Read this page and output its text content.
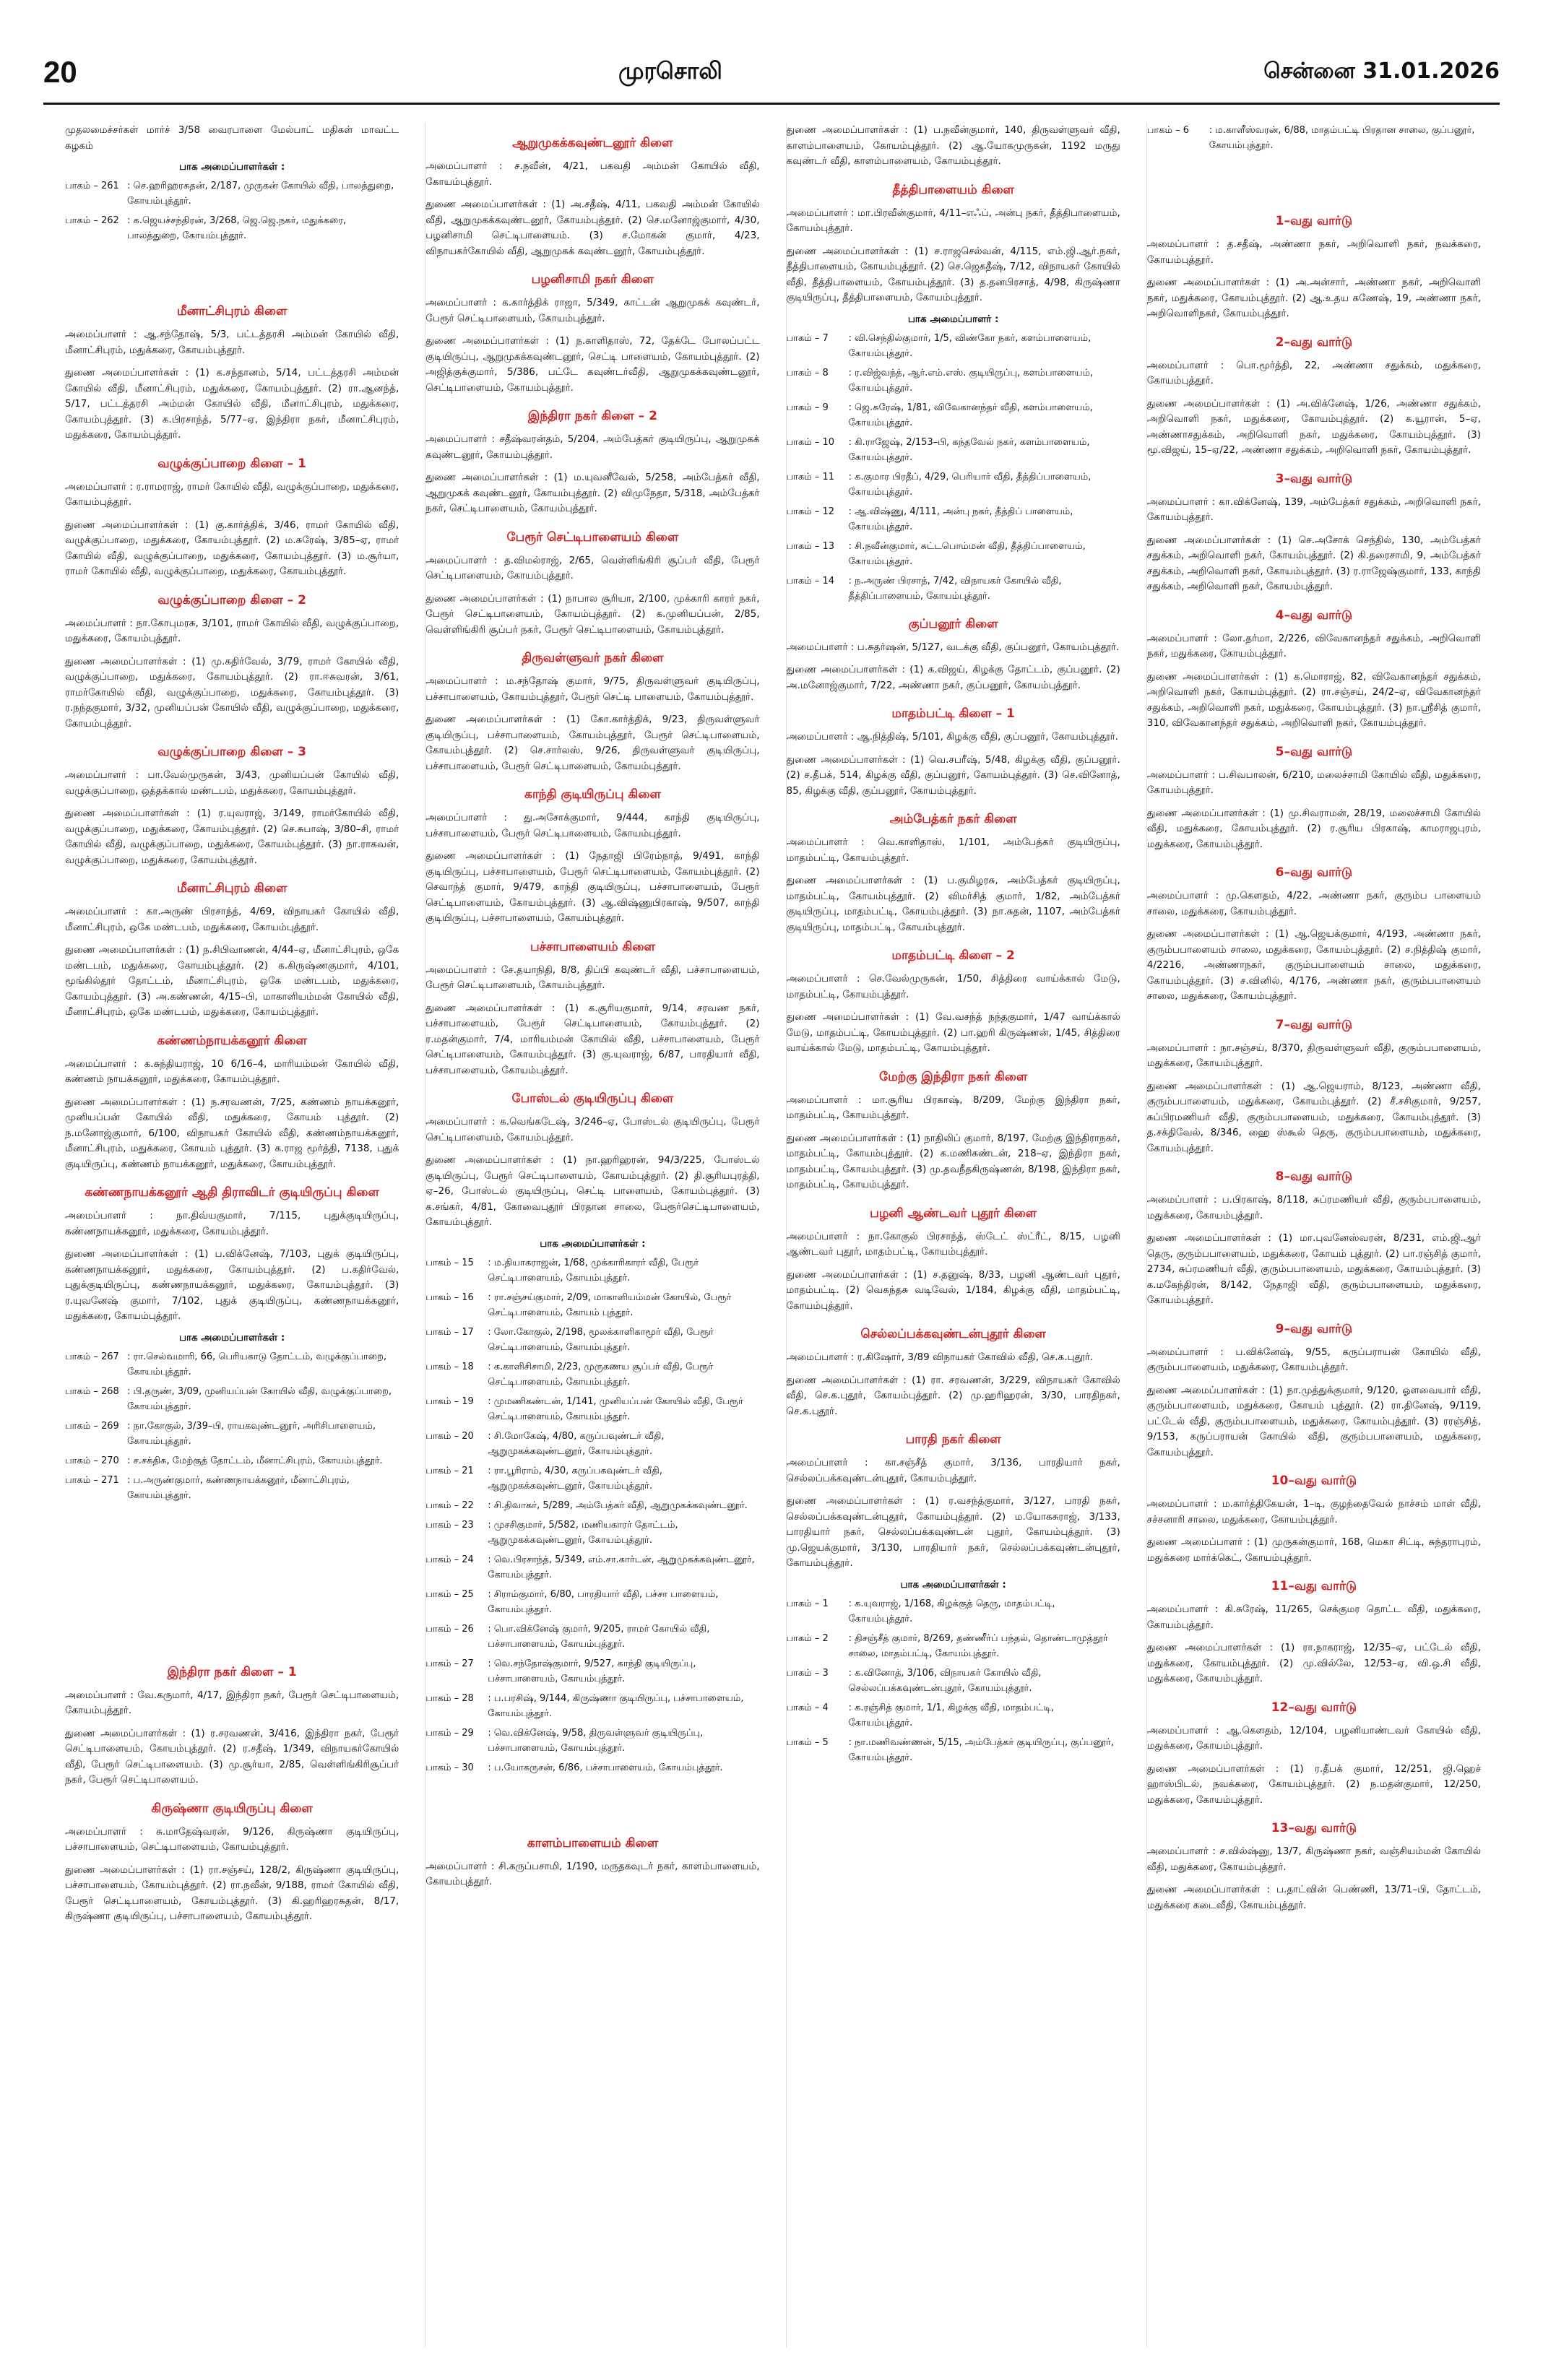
20	முரசொலி	சென்னை 31.01.2026

முதலமைச்சர்கள் மார்ச் 3/58 வைரபாளை மேல்பாட் மதிகள் மாவட்ட கழகம்

பாக அமைப்பாளர்கள் :
பாகம் – 261 : செ.ஹரிஹரசுதன், 2/187, முருகன் கோயில் வீதி, பாலத்துறை, கோயம்புத்தூர்.
பாகம் – 262 : க.ஜெயச்சந்திரன், 3/268, ஜெ.ஜெ.நகர், மதுக்கரை, பாலத்துறை, கோயம்புத்தூர்.
மீனாட்சிபுரம் கிளை

அமைப்பாளர் : ஆ.சந்தோஷ், 5/3, பட்டத்தரசி அம்மன் கோயில் வீதி, மீனாட்சிபுரம், மதுக்கரை, கோயம்புத்தூர்.

துணை அமைப்பாளர்கள் : (1) க.சந்தானம், 5/14, பட்டத்தரசி அம்மன் கோயில் வீதி, மீனாட்சிபுரம், மதுக்கரை, கோயம்புத்தூர். (2) ரா.ஆனந்த், 5/17, பட்டத்தரசி அம்மன் கோயில் வீதி, மீனாட்சிபுரம், மதுக்கரை, கோயம்புத்தூர். (3) க.பிரசாந்த், 5/77–ஏ, இந்திரா நகர், மீனாட்சிபுரம், மதுக்கரை, கோயம்புத்தூர்.

வழுக்குப்பாறை கிளை – 1

அமைப்பாளர் : ர.ராமராஜ், ராமர் கோயில் வீதி, வழுக்குப்பாறை, மதுக்கரை, கோயம்புத்தூர்.

துணை அமைப்பாளர்கள் : (1) கு.கார்த்திக், 3/46, ராமர் கோயில் வீதி, வழுக்குப்பாறை, மதுக்கரை, கோயம்புத்தூர். (2) ம.சுரேஷ், 3/85–ஏ, ராமர் கோயில் வீதி, வழுக்குப்பாறை, மதுக்கரை, கோயம்புத்தூர். (3) ம.சூர்யா, ராமர் கோயில் வீதி, வழுக்குப்பாறை, மதுக்கரை, கோயம்புத்தூர்.

வழுக்குப்பாறை கிளை – 2

அமைப்பாளர் : நா.கோபுமரசு, 3/101, ராமர் கோயில் வீதி, வழுக்குப்பாறை, மதுக்கரை, கோயம்புத்தூர்.

துணை அமைப்பாளர்கள் : (1) மு.கதிர்வேல், 3/79, ராமர் கோயில் வீதி, வழுக்குப்பாறை, மதுக்கரை, கோயம்புத்தூர். (2) ரா.ஈசுவரன், 3/61, ராமர்கோயில் வீதி, வழுக்குப்பாறை, மதுக்கரை, கோயம்புத்தூர். (3) ர.நந்தகுமார், 3/32, முனியப்பன் கோயில் வீதி, வழுக்குப்பாறை, மதுக்கரை, கோயம்புத்தூர்.

வழுக்குப்பாறை கிளை – 3

அமைப்பாளர் : பா.வேல்முருகன், 3/43, முனியப்பன் கோயில் வீதி, வழுக்குப்பாறை, ஒத்தக்கால் மண்டபம், மதுக்கரை, கோயம்புத்தூர்.

துணை அமைப்பாளர்கள் : (1) ர.யுவராஜ், 3/149, ராமர்கோயில் வீதி, வழுக்குப்பாறை, மதுக்கரை, கோயம்புத்தூர். (2) செ.சுபாஷ், 3/80–சி, ராமர் கோயில் வீதி, வழுக்குப்பாறை, மதுக்கரை, கோயம்புத்தூர். (3) நா.ராகவன், வழுக்குப்பாறை, மதுக்கரை, கோயம்புத்தூர்.

மீனாட்சிபுரம் கிளை

அமைப்பாளர் : கா.அருண் பிரசாந்த், 4/69, விநாயகர் கோயில் வீதி, மீனாட்சிபுரம், ஒகே மண்டபம், மதுக்கரை, கோயம்புத்தூர்.

துணை அமைப்பாளர்கள் : (1) ந.சிபிவாணன், 4/44–ஏ, மீனாட்சிபுரம், ஒகே மண்டபம், மதுக்கரை, கோயம்புத்தூர். (2) க.கிருஷ்ணகுமார், 4/101, மூங்கில்தூர் தோட்டம், மீனாட்சிபுரம், ஒகே மண்டபம், மதுக்கரை, கோயம்புத்தூர். (3) அ.கண்ணன், 4/15–பி, மாகாளியம்மன் கோயில் வீதி, மீனாட்சிபுரம், ஒகே மண்டபம், மதுக்கரை, கோயம்புத்தூர்.

கண்ணம்நாயக்கனூர் கிளை

அமைப்பாளர் : க.சுந்தியராஜ், 10 6/16–4, மாரியம்மன் கோயில் வீதி, கண்ணம் நாயக்கனூர், மதுக்கரை, கோயம்புத்தூர்.

துணை அமைப்பாளர்கள் : (1) ந.சரவணன், 7/25, கண்ணம் நாயக்கனூர், முனியப்பன் கோயில் வீதி, மதுக்கரை, கோயம் புத்தூர். (2) ந.மனோஜ்குமார், 6/100, விநாயகர் கோயில் வீதி, கண்ணம்நாயக்கனூர், மீனாட்சிபுரம், மதுக்கரை, கோயம் புத்தூர். (3) க.ராஜ மூர்த்தி, 7138, புதுக் குடியிருப்பு, கண்ணம் நாயக்கனூர், மதுக்கரை, கோயம்புத்தூர்.

கண்ணநாயக்கனூர் ஆதி திராவிடர் குடியிருப்பு கிளை

அமைப்பாளர் : நா.திவ்யகுமார், 7/115, புதுக்குடியிருப்பு, கண்ணநாயக்கனூர், மதுக்கரை, கோயம்புத்தூர்.

துணை அமைப்பாளர்கள் : (1) ப.விக்னேஷ், 7/103, புதுக் குடியிருப்பு, கண்ணநாயக்கனூர், மதுக்கரை, கோயம்புத்தூர். (2) ப.கதிர்வேல், புதுக்குடியிருப்பு, கண்ணநாயக்கனூர், மதுக்கரை, கோயம்புத்தூர். (3) ர.யுவனேஷ் குமார், 7/102, புதுக் குடியிருப்பு, கண்ணநாயக்கனூர், மதுக்கரை, கோயம்புத்தூர்.

பாக அமைப்பாளர்கள் :
பாகம் – 267 : ரா.செல்வமாரி, 66, பெரியகாடு தோட்டம், வழுக்குப்பாறை, கோயம்புத்தூர்.
பாகம் – 268 : பி.தருண், 3/09, முனியப்பன் கோயில் வீதி, வழுக்குப்பாறை, கோயம்புத்தூர்.
பாகம் – 269 : நா.கோகுல், 3/39–பி, ராயகவுண்டனூர், அரிசிபாளையம், கோயம்புத்தூர்.
பாகம் – 270 : ச.சக்திசு, மேற்குத் தோட்டம், மீனாட்சிபுரம், கோயம்புத்தூர்.
பாகம் – 271 : ப.அருண்குமார், கண்ணநாயக்கனூர், மீனாட்சிபுரம், கோயம்புத்தூர்.
இந்திரா நகர் கிளை – 1

அமைப்பாளர் : வே.கருமார், 4/17, இந்திரா நகர், பேரூர் செட்டிபாளையம், கோயம்புத்தூர்.

துணை அமைப்பாளர்கள் : (1) ர.சரவணன், 3/416, இந்திரா நகர், பேரூர் செட்டிபாளையம், கோயம்புத்தூர். (2) ர.சதீஷ், 1/349, விநாயகர்கோயில் வீதி, பேரூர் செட்டிபாளையம். (3) மு.சூர்யா, 2/85, வெள்ளிங்கிரிசூப்பர் நகர், பேரூர் செட்டிபாளையம்.

கிருஷ்ணா குடியிருப்பு கிளை

அமைப்பாளர் : சு.மாதேஷ்வரன், 9/126, கிருஷ்ணா குடியிருப்பு, பச்சாபாளையம், செட்டிபாளையம், கோயம்புத்தூர்.

துணை அமைப்பாளர்கள் : (1) ரா.சஞ்சய், 128/2, கிருஷ்ணா குடியிருப்பு, பச்சாபாளையம், கோயம்புத்தூர். (2) ரா.நவீன், 9/188, ராமர் கோயில் வீதி, பேரூர் செட்டிபாளையம், கோயம்புத்தூர். (3) கி.ஹரிஹரசுதன், 8/17, கிருஷ்ணா குடியிருப்பு, பச்சாபாளையம், கோயம்புத்தூர்.

ஆறுமுகக்கவுண்டனூர் கிளை

அமைப்பாளர் : ச.நவீன், 4/21, பகவதி அம்மன் கோயில் வீதி, கோயம்புத்தூர்.

துணை அமைப்பாளர்கள் : (1) அ.சதீஷ், 4/11, பகவதி அம்மன் கோயில் வீதி, ஆறுமுகக்கவுண்டனூர், கோயம்புத்தூர். (2) செ.மனோஜ்குமார், 4/30, பழனிசாமி செட்டிபாளையம். (3) ச.மோகன் குமார், 4/23, விநாயகர்கோயில் வீதி, ஆறுமுகக் கவுண்டனூர், கோயம்புத்தூர்.

பழனிசாமி நகர் கிளை

அமைப்பாளர் : க.கார்த்திக் ராஜா, 5/349, காட்டன் ஆறுமுகக் கவுண்டர், பேரூர் செட்டிபாளையம், கோயம்புத்தூர்.

துணை அமைப்பாளர்கள் : (1) ந.காளிதாஸ், 72, தேக்டே போலப்பட்ட குடியிருப்பு, ஆறுமுகக்கவுண்டனூர், செட்டி பாளையம், கோயம்புத்தூர். (2) அஜித்குக்குமார், 5/386, பட்டே கவுண்டர்வீதி, ஆறுமுகக்கவுண்டனூர், செட்டிபாளையம், கோயம்புத்தூர்.

இந்திரா நகர் கிளை – 2

அமைப்பாளர் : சதீஷ்வரன்தம், 5/204, அம்பேத்கர் குடியிருப்பு, ஆறுமுகக் கவுண்டனூர், கோயம்புத்தூர்.

துணை அமைப்பாளர்கள் : (1) ம.யுவனீவேல், 5/258, அம்பேத்கர் வீதி, ஆறுமுகக் கவுண்டனூர், கோயம்புத்தூர். (2) விமுநேதா, 5/318, அம்பேத்கர் நகர், செட்டிபாளையம், கோயம்புத்தூர்.

பேரூர் செட்டிபாளையம் கிளை

அமைப்பாளர் : த.விமல்ராஜ், 2/65, வெள்ளிங்கிரி சூப்பர் வீதி, பேரூர் செட்டிபாளையம், கோயம்புத்தூர்.

துணை அமைப்பாளர்கள் : (1) நாபால சூரியா, 2/100, முக்காரி காரர் நகர், பேரூர் செட்டிபாளையம், கோயம்புத்தூர். (2) க.முனியப்பன், 2/85, வெள்ளிங்கிரி சூப்பர் நகர், பேரூர் செட்டிபாளையம், கோயம்புத்தூர்.

திருவள்ளுவர் நகர் கிளை

அமைப்பாளர் : ம.சந்தோஷ் குமார், 9/75, திருவள்ளுவர் குடியிருப்பு, பச்சாபாளையம், கோயம்புத்தூர், பேரூர் செட்டி பாளையம், கோயம்புத்தூர்.

துணை அமைப்பாளர்கள் : (1) கோ.கார்த்திக், 9/23, திருவள்ளுவர் குடியிருப்பு, பச்சாபாளையம், கோயம்புத்தூர், பேரூர் செட்டிபாளையம், கோயம்புத்தூர். (2) செ.சார்லஸ், 9/26, திருவள்ளுவர் குடியிருப்பு, பச்சாபாளையம், பேரூர் செட்டிபாளையம், கோயம்புத்தூர்.

காந்தி குடியிருப்பு கிளை

அமைப்பாளர் : து.அசோக்குமார், 9/444, காந்தி குடியிருப்பு, பச்சாபாளையம், பேரூர் செட்டிபாளையம், கோயம்புத்தூர்.

துணை அமைப்பாளர்கள் : (1) நேதாஜி பிரேம்நாத், 9/491, காந்தி குடியிருப்பு, பச்சாபாளையம், பேரூர் செட்டிபாளையம், கோயம்புத்தூர். (2) செவாந்த் குமார், 9/479, காந்தி குடியிருப்பு, பச்சாபாளையம், பேரூர் செட்டிபாளையம், கோயம்புத்தூர். (3) ஆ.விஷ்ணுபிரகாஷ், 9/507, காந்தி குடியிருப்பு, பச்சாபாளையம், கோயம்புத்தூர்.

பச்சாபாளையம் கிளை

அமைப்பாளர் : சே.தயாநிதி, 8/8, திப்பி கவுண்டர் வீதி, பச்சாபாளையம், பேரூர் செட்டிபாளையம், கோயம்புத்தூர்.

துணை அமைப்பாளர்கள் : (1) க.சூரியகுமார், 9/14, சரவண நகர், பச்சாபாளையம், பேரூர் செட்டிபாளையம், கோயம்புத்தூர். (2) ர.மதன்குமார், 7/4, மாரியம்மன் கோயில் வீதி, பச்சாபாளையம், பேரூர் செட்டிபாளையம், கோயம்புத்தூர். (3) கு.யுவராஜ், 6/87, பாரதியார் வீதி, பச்சாபாளையம், கோயம்புத்தூர்.

போஸ்டல் குடியிருப்பு கிளை

அமைப்பாளர் : க.வெங்கடேஷ், 3/246–ஏ, போஸ்டல் குடியிருப்பு, பேரூர் செட்டிபாளையம், கோயம்புத்தூர்.

துணை அமைப்பாளர்கள் : (1) நா.ஹரிஹரன், 94/3/225, போஸ்டல் குடியிருப்பு, பேரூர் செட்டிபாளையம், கோயம்புத்தூர். (2) தி.சூரியபுரத்தி, ஏ–26, போஸ்டல் குடியிருப்பு, செட்டி பாளையம், கோயம்புத்தூர். (3) க.சங்கர், 4/81, கோவைபுதூர் பிரதான சாலை, பேரூர்செட்டிபாளையம், கோயம்புத்தூர்.

பாக அமைப்பாளர்கள் :
பாகம் – 15	: ம.தியாகராஜன், 1/68, முக்காரிகாரர் வீதி, பேரூர் செட்டிபாளையம், கோயம்புத்தூர்.
பாகம் – 16	: ரா.சஞ்சய்குமார், 2/09, மாகாளியம்மன் கோயில், பேரூர் செட்டிபாளையம், கோயம் புத்தூர்.
பாகம் – 17	: லோ.கோகுல், 2/198, மூலக்காளிகாமூர் வீதி, பேரூர் செட்டிபாளையம், கோயம்புத்தூர்.
பாகம் – 18	: க.காளிசிசாமி, 2/23, முருகணய சூப்பர் வீதி, பேரூர் செட்டிபாளையம், கோயம்புத்தூர்.
பாகம் – 19	: முமணிகண்டன், 1/141, முனியப்பன் கோயில் வீதி, பேரூர் செட்டிபாளையம், கோயம்புத்தூர்.
பாகம் – 20	: சி.மோகேஷ், 4/80, கருப்பவுண்டர் வீதி, ஆறுமுகக்கவுண்டனூர், கோயம்புத்தூர்.
பாகம் – 21	: ரா.பூரிராம், 4/30, கருப்பகவுண்டர் வீதி, ஆறுமுகக்கவுண்டனூர், கோயம்புத்தூர்.
பாகம் – 22	: சி.திவாகர், 5/289, அம்பேத்கர் வீதி, ஆறுமுகக்கவுண்டனூர்.
பாகம் – 23	: முசசிகுமார், 5/582, மணியகாரர் தோட்டம், ஆறுமுகக்கவுண்டனூர், கோயம்புத்தூர்.
பாகம் – 24	: வெ.பிரசாந்த், 5/349, எம்.சா.கார்டன், ஆறுமுகக்கவுண்டனூர், கோயம்புத்தூர்.
பாகம் – 25	: சிராம்குமார், 6/80, பாரதியார் வீதி, பச்சா பாளையம், கோயம்புத்தூர்.
பாகம் – 26	: பொ.விக்னேஷ் குமார், 9/205, ராமர் கோயில் வீதி, பச்சாபாளையம், கோயம்புத்தூர்.
பாகம் – 27	: வெ.சந்தோஷ்குமார், 9/527, காந்தி குடியிருப்பு, பச்சாபாளையம், கோயம்புத்தூர்.
பாகம் – 28	: ப.பரசிஷ், 9/144, கிருஷ்ணா குடியிருப்பு, பச்சாபாளையம், கோயம்புத்தூர்.
பாகம் – 29	: வெ.விக்னேஷ், 9/58, திருவள்ளுவர் குடியிருப்பு, பச்சாபாளையம், கோயம்புத்தூர்.
பாகம் – 30	: ப.யோகருசன், 6/86, பச்சாபாளையம், கோயம்புத்தூர்.
காளம்பாளையம் கிளை

அமைப்பாளர் : சி.கருப்பசாமி, 1/190, மருதகவுடர் நகர், காளம்பாளையம், கோயம்புத்தூர்.

துணை அமைப்பாளர்கள் : (1) ப.நவீன்குமார், 140, திருவள்ளுவர் வீதி, காளம்பாளையம், கோயம்புத்தூர். (2) ஆ.யோகமுருகன், 1192 மருது கவுண்டர் வீதி, காளம்பாளையம், கோயம்புத்தூர்.

தீத்திபாளையம் கிளை

அமைப்பாளர் : மா.பிரவீன்குமார், 4/11–எஃப், அன்பு நகர், தீத்திபாளையம், கோயம்புத்தூர்.

துணை அமைப்பாளர்கள் : (1) ச.ராஜசெல்வன், 4/115, எம்.ஜி.ஆர்.நகர், தீத்திபாளையம், கோயம்புத்தூர். (2) செ.ஜெகதீஷ், 7/12, விநாயகர் கோயில் வீதி, தீத்திபாளையம், கோயம்புத்தூர். (3) த.தனபிரசாத், 4/98, கிருஷ்ணா குடியிருப்பு, தீத்திபாளையம், கோயம்புத்தூர்.

பாக அமைப்பாளர் :
பாகம் – 7	: வி.செந்தில்குமார், 1/5, விண்கோ நகர், களம்பாளையம், கோயம்புத்தூர்.
பாகம் – 8	: ர.விஜ்வந்த், ஆர்.எம்.எஸ். குடியிருப்பு, களம்பாளையம், கோயம்புத்தூர்.
பாகம் – 9	: ஜெ.சுரேஷ், 1/81, விவேகானந்தர் வீதி, களம்பாளையம், கோயம்புத்தூர்.
பாகம் – 10	: கி.ராஜேஷ், 2/153–பி, கந்தவேல் நகர், களம்பாளையம், கோயம்புத்தூர்.
பாகம் – 11	: க.குமார பிரதீப், 4/29, பெரியார் வீதி, தீத்திப்பாளையம், கோயம்புத்தூர்.
பாகம் – 12	: ஆ.விஷ்ணு, 4/111, அன்பு நகர், தீத்திப் பாளையம், கோயம்புத்தூர்.
பாகம் – 13	: சி.நவீன்குமார், சுட்டபொம்மன் வீதி, தீத்திப்பாளையம், கோயம்புத்தூர்.
பாகம் – 14	: ந.அருண் பிரசாத், 7/42, விநாயகர் கோயில் வீதி, தீத்திப்பாளையம், கோயம்புத்தூர்.
குப்பனூர் கிளை

அமைப்பாளர் : ப.சுதர்ஷன், 5/127, வடக்கு வீதி, குப்பனூர், கோயம்புத்தூர்.

துணை அமைப்பாளர்கள் : (1) க.விஜய், கிழக்கு தோட்டம், குப்பனூர். (2) அ.மனோஜ்குமார், 7/22, அண்ணா நகர், குப்பனூர், கோயம்புத்தூர்.

மாதம்பட்டி கிளை – 1

அமைப்பாளர் : ஆ.நித்திஷ், 5/101, கிழக்கு வீதி, குப்பனூர், கோயம்புத்தூர்.

துணை அமைப்பாளர்கள் : (1) வெ.சபரீஷ், 5/48, கிழக்கு வீதி, குப்பனூர். (2) ச.தீபக், 514, கிழக்கு வீதி, குப்பனூர், கோயம்புத்தூர். (3) செ.வினோத், 85, கிழக்கு வீதி, குப்பனூர், கோயம்புத்தூர்.

அம்பேத்கர் நகர் கிளை

அமைப்பாளர் : வெ.காளிதாஸ், 1/101, அம்பேத்கர் குடியிருப்பு, மாதம்பட்டி, கோயம்புத்தூர்.

துணை அமைப்பாளர்கள் : (1) ப.குமிழரசு, அம்பேத்கர் குடியிருப்பு, மாதம்பட்டி, கோயம்புத்தூர். (2) விமர்சித் குமார், 1/82, அம்பேத்கர் குடியிருப்பு, மாதம்பட்டி, கோயம்புத்தூர். (3) நா.சுதன், 1107, அம்பேத்கர் குடியிருப்பு, மாதம்பட்டி, கோயம்புத்தூர்.

மாதம்பட்டி கிளை – 2

அமைப்பாளர் : செ.வேல்முருகன், 1/50, சித்திரை வாய்க்கால் மேடு, மாதம்பட்டி, கோயம்புத்தூர்.

துணை அமைப்பாளர்கள் : (1) வே.வசந்த் நந்தகுமார், 1/47 வாய்க்கால் மேடு, மாதம்பட்டி, கோயம்புத்தூர். (2) பா.ஹரி கிருஷ்ணன், 1/45, சித்திரை வாய்க்கால் மேடு, மாதம்பட்டி, கோயம்புத்தூர்.

மேற்கு இந்திரா நகர் கிளை

அமைப்பாளர் : மா.சூரிய பிரகாஷ், 8/209, மேற்கு இந்திரா நகர், மாதம்பட்டி, கோயம்புத்தூர்.

துணை அமைப்பாளர்கள் : (1) நாதிலிப் குமார், 8/197, மேற்கு இந்திராநகர், மாதம்பட்டி, கோயம்புத்தூர். (2) க.மணிகண்டன், 218–ஏ, இந்திரா நகர், மாதம்பட்டி, கோயம்புத்தூர். (3) மு.தவநீதகிருஷ்ணன், 8/198, இந்திரா நகர், மாதம்பட்டி, கோயம்புத்தூர்.

பழனி ஆண்டவர் புதூர் கிளை

அமைப்பாளர் : நா.கோகுல் பிரசாந்த், ஸ்டேட் ஸ்ட்ரீட், 8/15, பழனி ஆண்டவர் புதூர், மாதம்பட்டி, கோயம்புத்தூர்.

துணை அமைப்பாளர்கள் : (1) ச.தனுஷ், 8/33, பழனி ஆண்டவர் புதூர், மாதம்பட்டி. (2) வெகந்தசு வடிவேல், 1/184, கிழக்கு வீதி, மாதம்பட்டி, கோயம்புத்தூர்.

செல்லப்பக்கவுண்டன்புதூர் கிளை

அமைப்பாளர் : ர.கிஷோர், 3/89 விநாயகர் கோவில் வீதி, செ.க.புதூர்.

துணை அமைப்பாளர்கள் : (1) ரா. சரவணன், 3/229, விநாயகர் கோவில் வீதி, செ.க.புதூர், கோயம்புத்தூர். (2) மு.ஹரிஹரன், 3/30, பாரதிநகர், செ.க.புதூர்.

பாரதி நகர் கிளை

அமைப்பாளர் : கா.சஞ்சீத் குமார், 3/136, பாரதியார் நகர், செல்லப்பக்கவுண்டன்புதூர், கோயம்புத்தூர்.

துணை அமைப்பாளர்கள் : (1) ர.வசந்த்குமார், 3/127, பாரதி நகர், செல்லப்பக்கவுண்டன்புதூர், கோயம்புத்தூர். (2) ம.யோகசுராஜ், 3/133, பாரதியார் நகர், செல்லப்பக்கவுண்டன் புதூர், கோயம்புத்தூர். (3) மு.ஜெயக்குமார், 3/130, பாரதியார் நகர், செல்லப்பக்கவுண்டன்புதூர், கோயம்புத்தூர்.

பாக அமைப்பாளர்கள் :
பாகம் – 1	: க.யுவராஜ், 1/168, கிழக்குத் தெரு, மாதம்பட்டி, கோயம்புத்தூர்.
பாகம் – 2	: திசஞ்சீத் குமார், 8/269, தண்ணீர்ப் பந்தல், தொண்டாமுத்தூர் சாலை, மாதம்பட்டி, கோயம்புத்தூர்.
பாகம் – 3	: க.வினோத், 3/106, விநாயகர் கோயில் வீதி, செல்லப்பக்கவுண்டன்புதூர், கோயம்புத்தூர்.
பாகம் – 4	: க.ரஞ்சித் குமார், 1/1, கிழக்கு வீதி, மாதம்பட்டி, கோயம்புத்தூர்.
பாகம் – 5	: நா.மணிவண்ணன், 5/15, அம்பேத்கர் குடியிருப்பு, குப்பனூர், கோயம்புத்தூர்.
பாகம் – 6	: ம.காளீஸ்வரன், 6/88, மாதம்பட்டி பிரதான சாலை, குப்பனூர், கோயம்புத்தூர்.
1–வது வார்டு

அமைப்பாளர் : த.சதீஷ், அண்ணா நகர், அறிவொளி நகர், நவக்கரை, கோயம்புத்தூர்.

துணை அமைப்பாளர்கள் : (1) அ.அன்சார், அண்ணா நகர், அறிவொளி நகர், மதுக்கரை, கோயம்புத்தூர். (2) ஆ.உதய கணேஷ், 19, அண்ணா நகர், அறிவொளிநகர், கோயம்புத்தூர்.

2–வது வார்டு

அமைப்பாளர் : பொ.மூர்த்தி, 22, அண்ணா சதுக்கம், மதுக்கரை, கோயம்புத்தூர்.

துணை அமைப்பாளர்கள் : (1) அ.விக்னேஷ், 1/26, அண்ணா சதுக்கம், அறிவொளி நகர், மதுக்கரை, கோயம்புத்தூர். (2) க.யூரான், 5–ஏ, அண்ணாசதுக்கம், அறிவொளி நகர், மதுக்கரை, கோயம்புத்தூர். (3) மூ.விஜய், 15–ஏ/22, அண்ணா சதுக்கம், அறிவொளி நகர், கோயம்புத்தூர்.

3–வது வார்டு

அமைப்பாளர் : கா.விக்னேஷ், 139, அம்பேத்கர் சதுக்கம், அறிவொளி நகர், கோயம்புத்தூர்.

துணை அமைப்பாளர்கள் : (1) செ.அசோக் செந்தில், 130, அம்பேத்கர் சதுக்கம், அறிவொளி நகர், கோயம்புத்தூர். (2) கி.தரைசாமி, 9, அம்பேத்கர் சதுக்கம், அறிவொளி நகர், கோயம்புத்தூர். (3) ர.ராஜேஷ்குமார், 133, காந்தி சதுக்கம், அறிவொளி நகர், கோயம்புத்தூர்.

4–வது வார்டு

அமைப்பாளர் : லோ.தர்மா, 2/226, விவேகானந்தர் சதுக்கம், அறிவொளி நகர், மதுக்கரை, கோயம்புத்தூர்.

துணை அமைப்பாளர்கள் : (1) க.மொராஜ், 82, விவேகானந்தர் சதுக்கம், அறிவொளி நகர், கோயம்புத்தூர். (2) ரா.சஞ்சய், 24/2–ஏ, விவேகானந்தர் சதுக்கம், அறிவொளி நகர், மதுக்கரை, கோயம்புத்தூர். (3) நா.ஸ்ரீசித் குமார், 310, விவேகானந்தர் சதுக்கம், அறிவொளி நகர், கோயம்புத்தூர்.

5–வது வார்டு

அமைப்பாளர் : ப.சிவபாலன், 6/210, மலைச்சாமி கோயில் வீதி, மதுக்கரை, கோயம்புத்தூர்.

துணை அமைப்பாளர்கள் : (1) மு.சிவராமன், 28/19, மலைச்சாமி கோயில் வீதி, மதுக்கரை, கோயம்புத்தூர். (2) ர.சூரிய பிரகாஷ், காமராஜபுரம், மதுக்கரை, கோயம்புத்தூர்.

6–வது வார்டு

அமைப்பாளர் : மு.கௌதம், 4/22, அண்ணா நகர், குரும்ப பாளையம் சாலை, மதுக்கரை, கோயம்புத்தூர்.

துணை அமைப்பாளர்கள் : (1) ஆ.ஜெயக்குமார், 4/193, அண்ணா நகர், குரும்பபாளையம் சாலை, மதுக்கரை, கோயம்புத்தூர். (2) ச.நித்திஷ் குமார், 4/2216, அண்ணாநகர், குரும்பபாளையம் சாலை, மதுக்கரை, கோயம்புத்தூர். (3) ச.வினில், 4/176, அண்ணா நகர், குரும்பபாளையம் சாலை, மதுக்கரை, கோயம்புத்தூர்.

7–வது வார்டு

அமைப்பாளர் : நா.சஞ்சய், 8/370, திருவள்ளுவர் வீதி, குரும்பபாளையம், மதுக்கரை, கோயம்புத்தூர்.

துணை அமைப்பாளர்கள் : (1) ஆ.ஜெயராம், 8/123, அண்ணா வீதி, குரும்பபாளையம், மதுக்கரை, கோயம்புத்தூர். (2) சீ.சசிகுமார், 9/257, சுப்பிரமணியர் வீதி, குரும்பபாளையம், மதுக்கரை, கோயம்புத்தூர். (3) த.சக்திவேல், 8/346, ஹை ஸ்கூல் தெரு, குரும்பபாளையம், மதுக்கரை, கோயம்புத்தூர்.

8–வது வார்டு

அமைப்பாளர் : ப.பிரகாஷ், 8/118, சுப்ரமணியர் வீதி, குரும்பபாளையம், மதுக்கரை, கோயம்புத்தூர்.

துணை அமைப்பாளர்கள் : (1) மா.புவனேஸ்வரன், 8/231, எம்.ஜி.ஆர் தெரு, குரும்பபாளையம், மதுக்கரை, கோயம் புத்தூர். (2) பா.ரஞ்சித் குமார், 2734, சுப்ரமணியர் வீதி, குரும்பபாளையம், மதுக்கரை, கோயம்புத்தூர். (3) க.மகேந்திரன், 8/142, நேதாஜி வீதி, குரும்பபாளையம், மதுக்கரை, கோயம்புத்தூர்.

9–வது வார்டு

அமைப்பாளர் : ப.விக்னேஷ், 9/55, கருப்பராயன் கோயில் வீதி, குரும்பபாளையம், மதுக்கரை, கோயம்புத்தூர்.

துணை அமைப்பாளர்கள் : (1) நா.முத்துக்குமார், 9/120, ஓளவையார் வீதி, குரும்பபாளையம், மதுக்கரை, கோயம் புத்தூர். (2) ரா.தினேஷ், 9/119, பட்டேல் வீதி, குரும்பபாளையம், மதுக்கரை, கோயம்புத்தூர். (3) ரரஞ்சித், 9/153, கருப்பராயன் கோயில் வீதி, குரும்பபாளையம், மதுக்கரை, கோயம்புத்தூர்.

10–வது வார்டு

அமைப்பாளர் : ம.கார்த்திகேயன், 1–டி, குழந்தைவேல் நாச்சம் மாள் வீதி, சச்சனாரி சாலை, மதுக்கரை, கோயம்புத்தூர்.

துணை அமைப்பாளர் : (1) முருகன்குமார், 168, மெகா சிட்டி, சுந்தராபுரம், மதுக்கரை மார்க்கெட், கோயம்புத்தூர்.

11–வது வார்டு

அமைப்பாளர் : கி.சுரேஷ், 11/265, செக்குமர தொட்ட வீதி, மதுக்கரை, கோயம்புத்தூர்.

துணை அமைப்பாளர்கள் : (1) ரா.நாகராஜ், 12/35–ஏ, பட்டேல் வீதி, மதுக்கரை, கோயம்புத்தூர். (2) மு.வில்லே, 12/53–ஏ, வி.ஒ.சி வீதி, மதுக்கரை, கோயம்புத்தூர்.

12–வது வார்டு

அமைப்பாளர் : ஆ.கௌதம், 12/104, பழனியாண்டவர் கோயில் வீதி, மதுக்கரை, கோயம்புத்தூர்.

துணை அமைப்பாளர்கள் : (1) ர.தீபக் குமார், 12/251, ஜி.ஹெச் ஹாஸ்பிடல், நவக்கரை, கோயம்புத்தூர். (2) ந.மதன்குமார், 12/250, மதுக்கரை, கோயம்புத்தூர்.

13–வது வார்டு

அமைப்பாளர் : ச.வில்ஷ்னு, 13/7, கிருஷ்ணா நகர், வஞ்சியம்மன் கோயில் வீதி, மதுக்கரை, கோயம்புத்தூர்.

துணை அமைப்பாளர்கள் : ப.தாட்வின் பெண்ணி, 13/71–பி, தோட்டம், மதுக்கரை கடைவீதி, கோயம்புத்தூர்.
